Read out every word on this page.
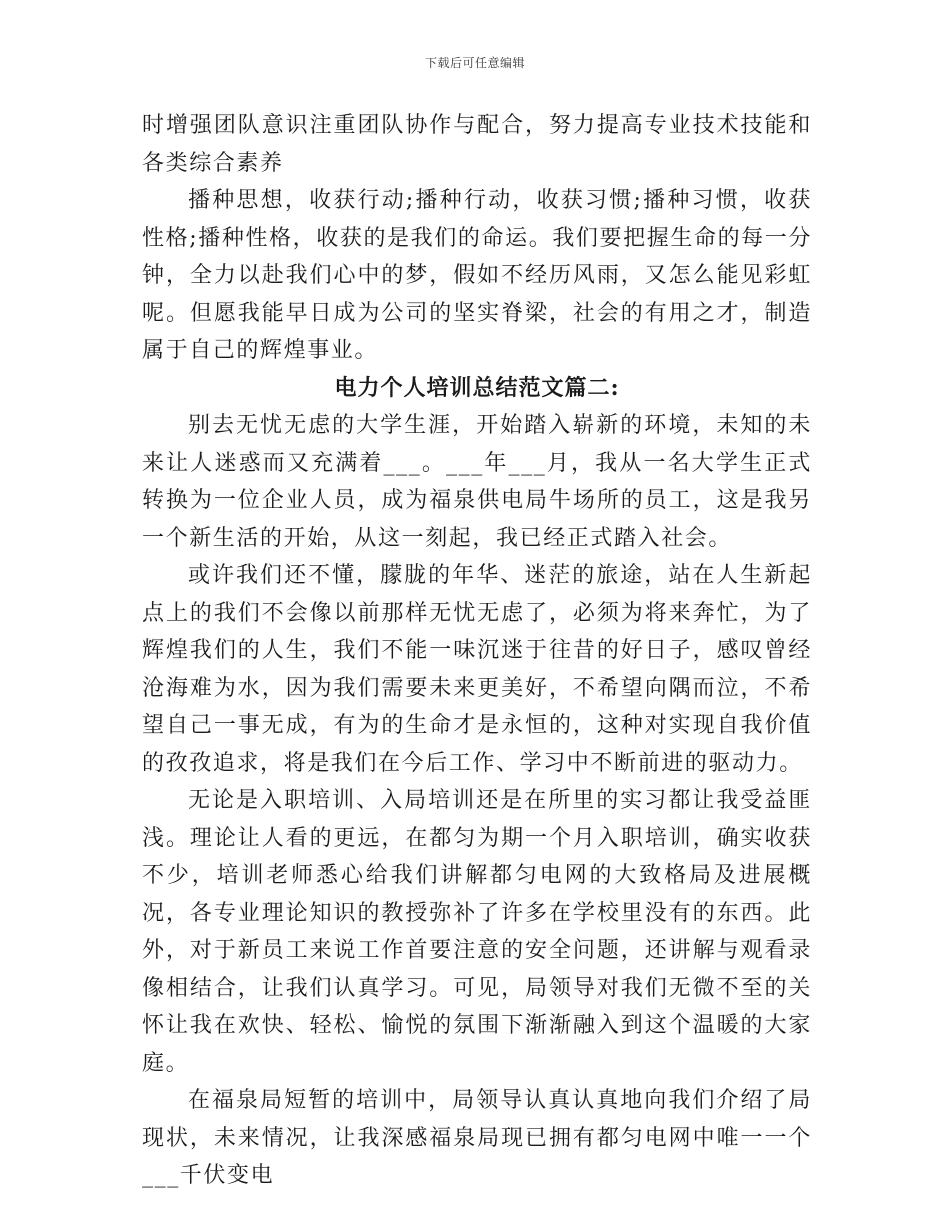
下载后可任意编辑

时增强团队意识注重团队协作与配合，努力提高专业技术技能和各类综合素养

播种思想，收获行动;播种行动，收获习惯;播种习惯，收获性格;播种性格，收获的是我们的命运。我们要把握生命的每一分钟，全力以赴我们心中的梦，假如不经历风雨，又怎么能见彩虹呢。但愿我能早日成为公司的坚实脊梁，社会的有用之才，制造属于自己的辉煌事业。

电力个人培训总结范文篇二:

别去无忧无虑的大学生涯，开始踏入崭新的环境，未知的未来让人迷惑而又充满着___。___年___月，我从一名大学生正式转换为一位企业人员，成为福泉供电局牛场所的员工，这是我另一个新生活的开始，从这一刻起，我已经正式踏入社会。

或许我们还不懂，朦胧的年华、迷茫的旅途，站在人生新起点上的我们不会像以前那样无忧无虑了，必须为将来奔忙，为了辉煌我们的人生，我们不能一味沉迷于往昔的好日子，感叹曾经沧海难为水，因为我们需要未来更美好，不希望向隅而泣，不希望自己一事无成，有为的生命才是永恒的，这种对实现自我价值的孜孜追求，将是我们在今后工作、学习中不断前进的驱动力。

无论是入职培训、入局培训还是在所里的实习都让我受益匪浅。理论让人看的更远，在都匀为期一个月入职培训，确实收获不少，培训老师悉心给我们讲解都匀电网的大致格局及进展概况，各专业理论知识的教授弥补了许多在学校里没有的东西。此外，对于新员工来说工作首要注意的安全问题，还讲解与观看录像相结合，让我们认真学习。可见，局领导对我们无微不至的关怀让我在欢快、轻松、愉悦的氛围下渐渐融入到这个温暖的大家庭。

在福泉局短暂的培训中，局领导认真认真地向我们介绍了局现状，未来情况，让我深感福泉局现已拥有都匀电网中唯一一个___千伏变电
